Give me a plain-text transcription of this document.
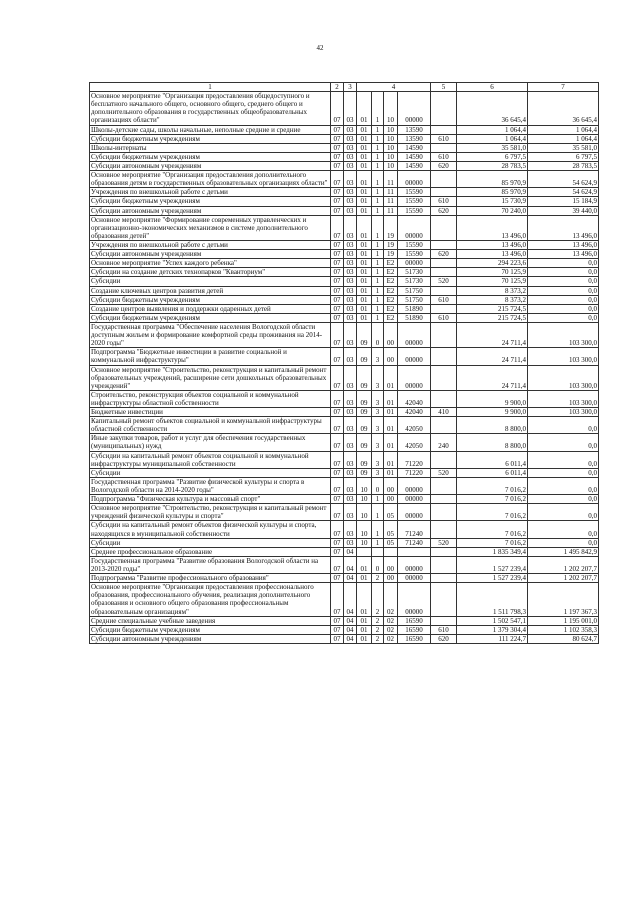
42
1	2	3	4				5	6	7
Основное мероприятие "Организация предоставления общедоступного и бесплатного начального общего, основного общего, среднего общего и дополнительного образования в государственных общеобразовательных организациях области"	07	03	01	1	10	00000		36 645,4	36 645,4
Школы-детские сады, школы начальные, неполные средние и средние	07	03	01	1	10	13590		1 064,4	1 064,4
Субсидии бюджетным учреждениям	07	03	01	1	10	13590	610	1 064,4	1 064,4
Школы-интернаты	07	03	01	1	10	14590		35 581,0	35 581,0
Субсидии бюджетным учреждениям	07	03	01	1	10	14590	610	6 797,5	6 797,5
Субсидии автономным учреждениям	07	03	01	1	10	14590	620	28 783,5	28 783,5
Основное мероприятие "Организация предоставления дополнительного образования детям в государственных образовательных организациях области"	07	03	01	1	11	00000		85 970,9	54 624,9
Учреждения по внешкольной работе с детьми	07	03	01	1	11	15590		85 970,9	54 624,9
Субсидии бюджетным учреждениям	07	03	01	1	11	15590	610	15 730,9	15 184,9
Субсидии автономным учреждениям	07	03	01	1	11	15590	620	70 240,0	39 440,0
Основное мероприятие "Формирование современных управленческих и организационно-экономических механизмов в системе дополнительного образования детей"	07	03	01	1	19	00000		13 496,0	13 496,0
Учреждения по внешкольной работе с детьми	07	03	01	1	19	15590		13 496,0	13 496,0
Субсидии автономным учреждениям	07	03	01	1	19	15590	620	13 496,0	13 496,0
Основное мероприятие "Успех каждого ребенка"	07	03	01	1	E2	00000		294 223,6	0,0
Субсидии на создание детских технопарков "Кванториум"	07	03	01	1	E2	51730		70 125,9	0,0
Субсидии	07	03	01	1	E2	51730	520	70 125,9	0,0
Создание ключевых центров развития детей	07	03	01	1	E2	51750		8 373,2	0,0
Субсидии бюджетным учреждениям	07	03	01	1	E2	51750	610	8 373,2	0,0
Создание центров выявления и поддержки одаренных детей	07	03	01	1	E2	51890		215 724,5	0,0
Субсидии бюджетным учреждениям	07	03	01	1	E2	51890	610	215 724,5	0,0
Государственная программа "Обеспечение населения Вологодской области доступным жильем и формирование комфортной среды проживания на 2014-2020 годы"	07	03	09	0	00	00000		24 711,4	103 300,0
Подпрограмма "Бюджетные инвестиции в развитие социальной и коммунальной инфраструктуры"	07	03	09	3	00	00000		24 711,4	103 300,0
Основное мероприятие "Строительство, реконструкция и капитальный ремонт образовательных учреждений, расширение сети дошкольных образовательных учреждений"	07	03	09	3	01	00000		24 711,4	103 300,0
Строительство, реконструкция объектов социальной и коммунальной инфраструктуры областной собственности	07	03	09	3	01	42040		9 900,0	103 300,0
Бюджетные инвестиции	07	03	09	3	01	42040	410	9 900,0	103 300,0
Капитальный ремонт объектов социальной и коммунальной инфраструктуры областной собственности	07	03	09	3	01	42050		8 800,0	0,0
Иные закупки товаров, работ и услуг для обеспечения государственных (муниципальных) нужд	07	03	09	3	01	42050	240	8 800,0	0,0
Субсидии на капитальный ремонт объектов социальной и коммунальной инфраструктуры муниципальной собственности	07	03	09	3	01	71220		6 011,4	0,0
Субсидии	07	03	09	3	01	71220	520	6 011,4	0,0
Государственная программа "Развитие физической культуры и спорта в Вологодской области на 2014-2020 годы"	07	03	10	0	00	00000		7 016,2	0,0
Подпрограмма "Физическая культура и массовый спорт"	07	03	10	1	00	00000		7 016,2	0,0
Основное мероприятие "Строительство, реконструкция и капитальный ремонт учреждений физической культуры и спорта"	07	03	10	1	05	00000		7 016,2	0,0
Субсидии на капитальный ремонт объектов физической культуры и спорта, находящихся в муниципальной собственности	07	03	10	1	05	71240		7 016,2	0,0
Субсидии	07	03	10	1	05	71240	520	7 016,2	0,0
Среднее профессиональное образование	07	04						1 835 349,4	1 495 842,9
Государственная программа "Развитие образования Вологодской области на 2013-2020 годы"	07	04	01	0	00	00000		1 527 239,4	1 202 207,7
Подпрограмма "Развитие профессионального образования"	07	04	01	2	00	00000		1 527 239,4	1 202 207,7
Основное мероприятие "Организация предоставления профессионального образования, профессионального обучения, реализация дополнительного образования и основного общего образования профессиональным образовательным организациям"	07	04	01	2	02	00000		1 511 798,3	1 197 367,3
Средние специальные учебные заведения	07	04	01	2	02	16590		1 502 547,1	1 195 001,0
Субсидии бюджетным учреждениям	07	04	01	2	02	16590	610	1 379 304,4	1 102 358,3
Субсидии автономным учреждениям	07	04	01	2	02	16590	620	111 224,7	80 624,7
